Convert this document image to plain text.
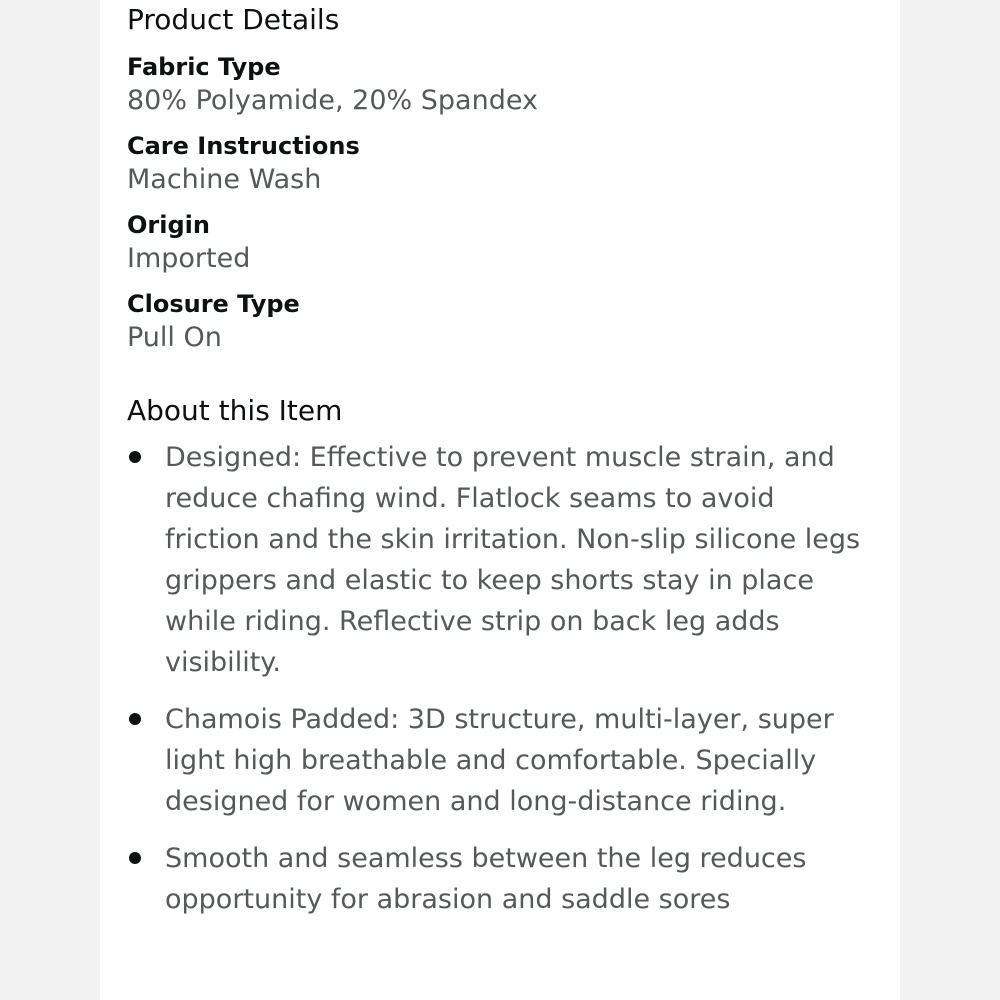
Product Details
Fabric Type
80% Polyamide, 20% Spandex
Care Instructions
Machine Wash
Origin
Imported
Closure Type
Pull On
About this Item
Designed: Effective to prevent muscle strain, and reduce chafing wind. Flatlock seams to avoid friction and the skin irritation. Non-slip silicone legs grippers and elastic to keep shorts stay in place while riding. Reflective strip on back leg adds visibility.
Chamois Padded: 3D structure, multi-layer, super light high breathable and comfortable. Specially designed for women and long-distance riding.
Smooth and seamless between the leg reduces opportunity for abrasion and saddle sores
